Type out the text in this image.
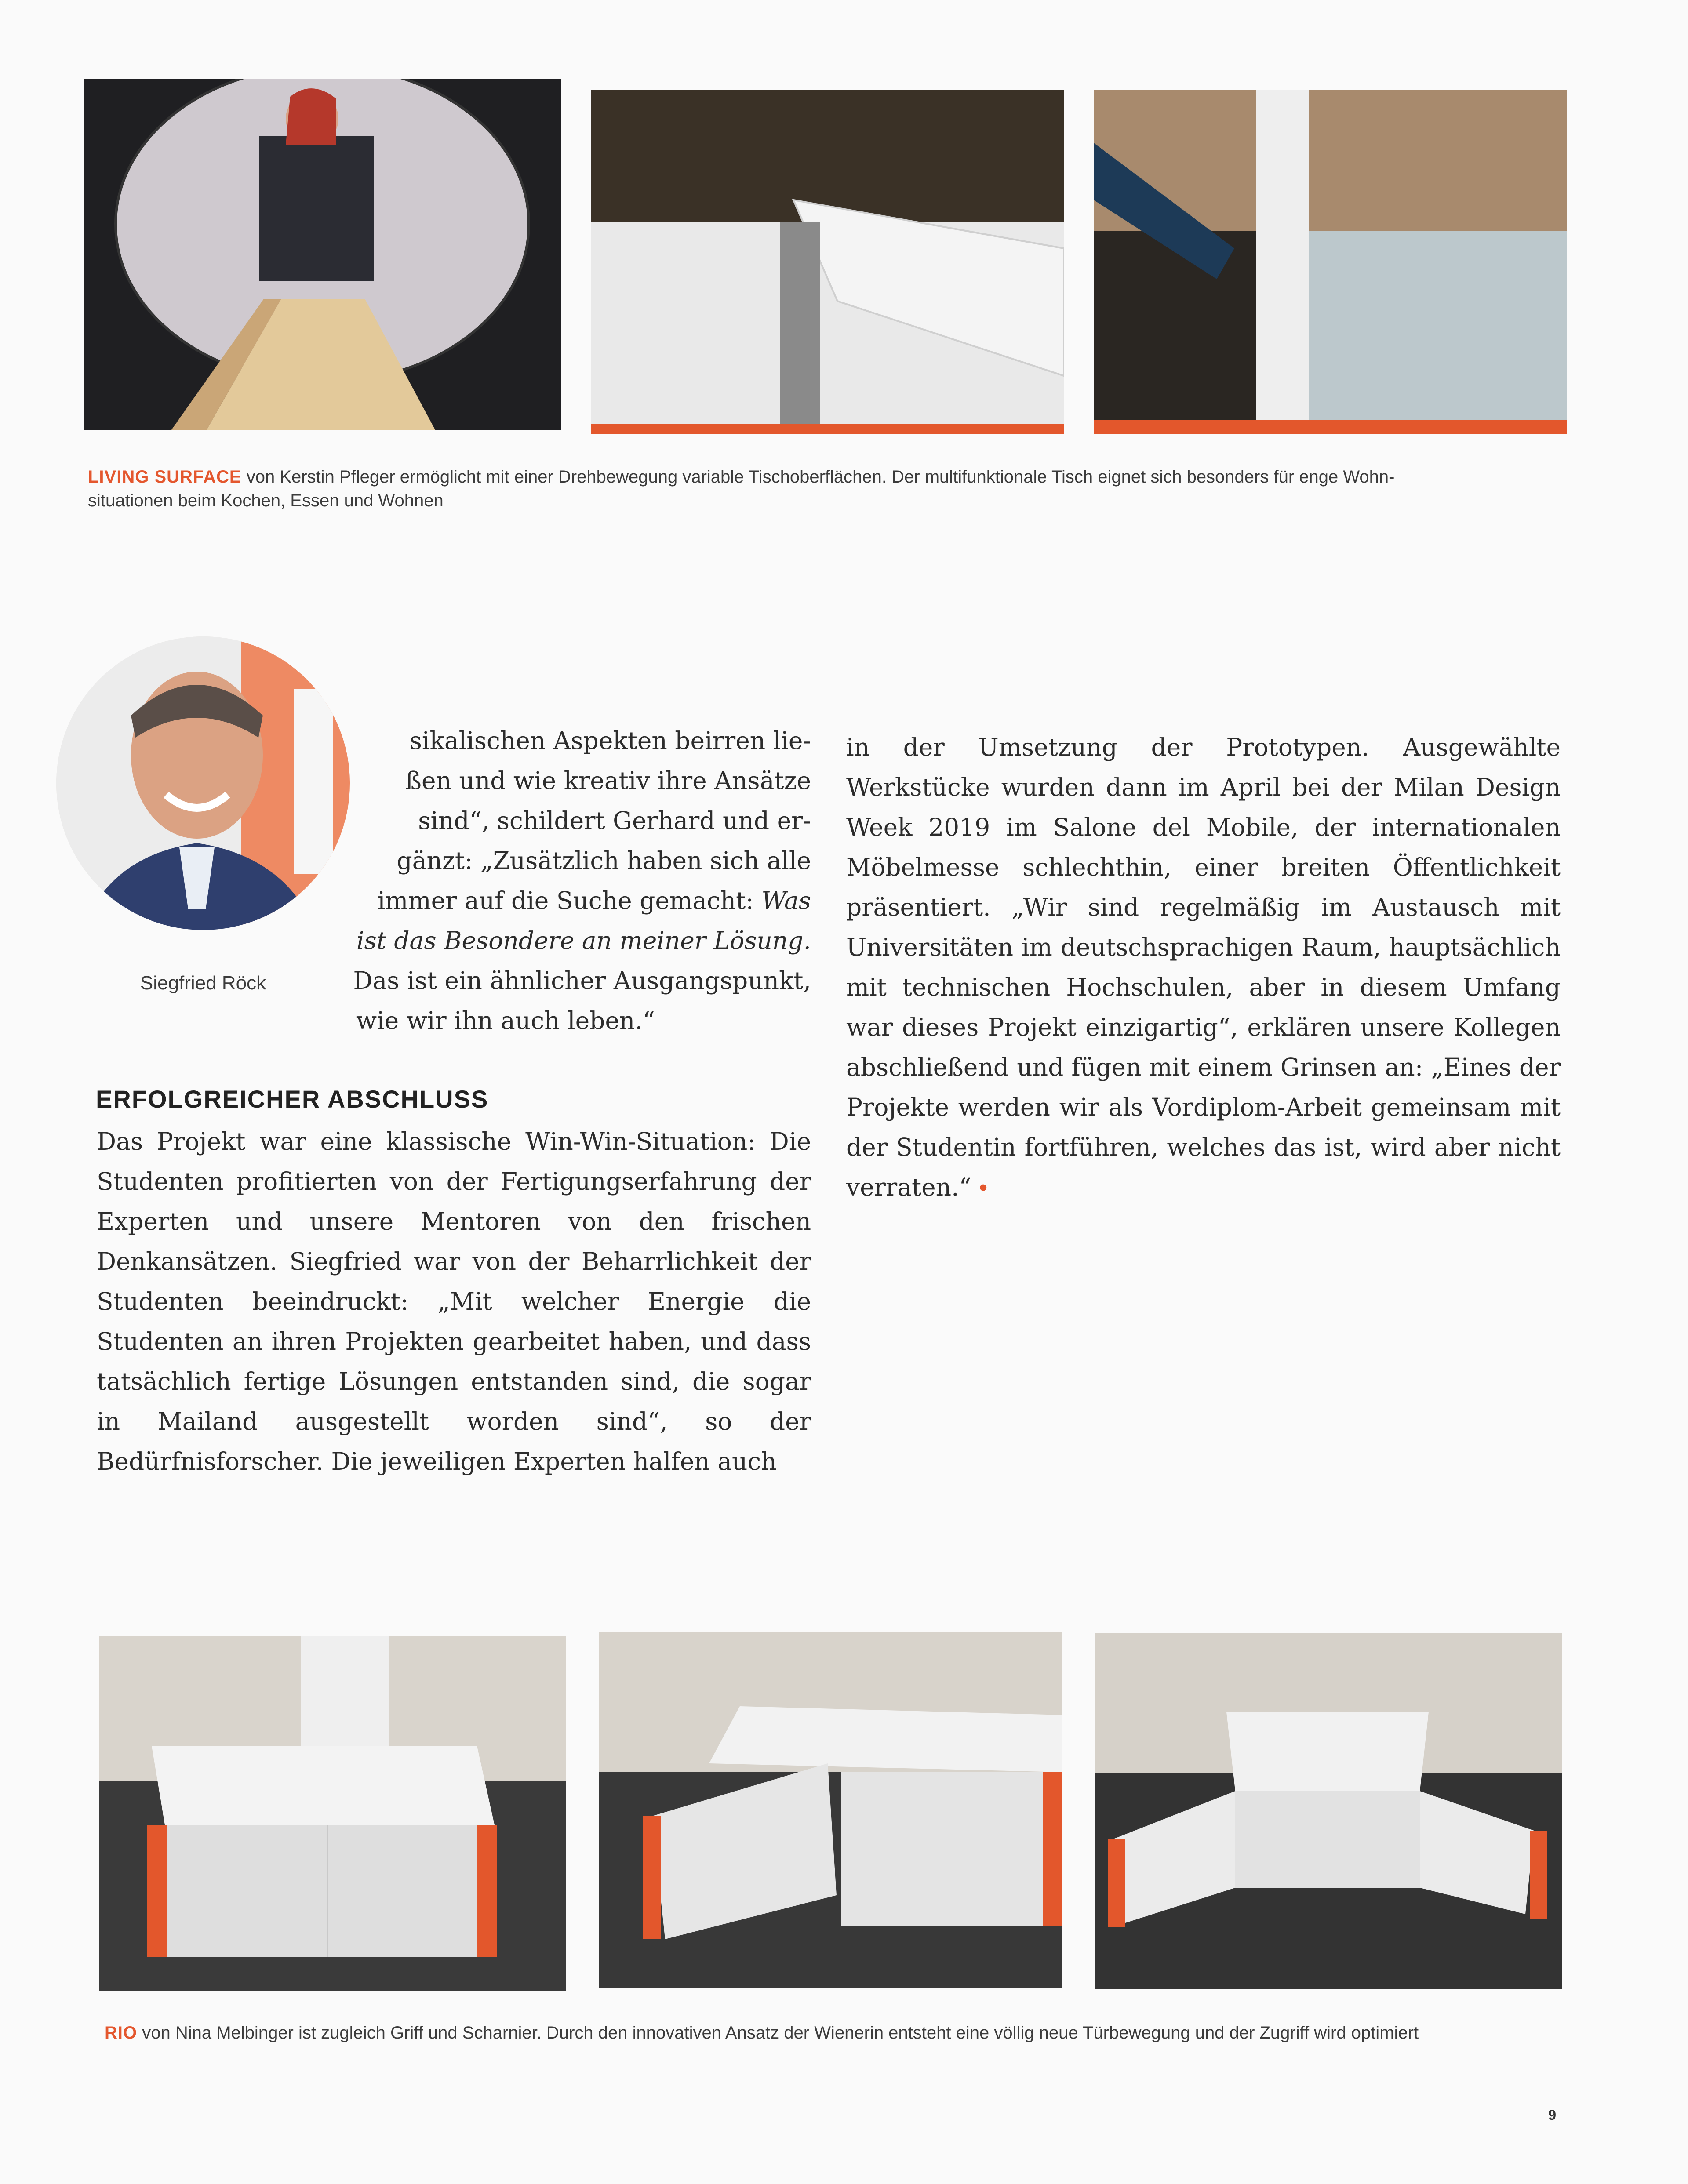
LIVING SURFACE von Kerstin Pfleger ermöglicht mit einer Drehbewegung variable Tischoberflächen. Der multifunktionale Tisch eignet sich besonders für enge Wohn-
situationen beim Kochen, Essen und Wohnen
Siegfried Röck
sikalischen Aspekten beirren lie-
ßen und wie kreativ ihre Ansätze
sind“, schildert Gerhard und er-
gänzt: „Zusätzlich haben sich alle
immer auf die Suche gemacht: Was
ist das Besondere an meiner Lösung.
Das ist ein ähnlicher Ausgangspunkt,
wie wir ihn auch leben.“
ERFOLGREICHER ABSCHLUSS

Das Projekt war eine klassische Win-Win-Situation: Die Studenten profitierten von der Fertigungserfahrung der Experten und unsere Mentoren von den frischen Denkansätzen. Siegfried war von der Beharrlichkeit der Studenten beeindruckt: „Mit welcher Energie die Studenten an ihren Projekten gearbeitet haben, und dass tatsächlich fertige Lösungen entstanden sind, die sogar in Mailand ausgestellt worden sind“, so der Bedürfnisforscher. Die jeweiligen Experten halfen auch

in der Umsetzung der Prototypen. Ausgewählte Werkstücke wurden dann im April bei der Milan Design Week 2019 im Salone del Mobile, der internationalen Möbelmesse schlechthin, einer breiten Öffentlichkeit präsentiert. „Wir sind regelmäßig im Austausch mit Universitäten im deutschsprachigen Raum, hauptsächlich mit technischen Hochschulen, aber in diesem Umfang war dieses Projekt einzigartig“, erklären unsere Kollegen abschließend und fügen mit einem Grinsen an: „Eines der Projekte werden wir als Vordiplom-Arbeit gemeinsam mit der Studentin fortführen, welches das ist, wird aber nicht verraten.“ •

RIO von Nina Melbinger ist zugleich Griff und Scharnier. Durch den innovativen Ansatz der Wienerin entsteht eine völlig neue Türbewegung und der Zugriff wird optimiert
9
